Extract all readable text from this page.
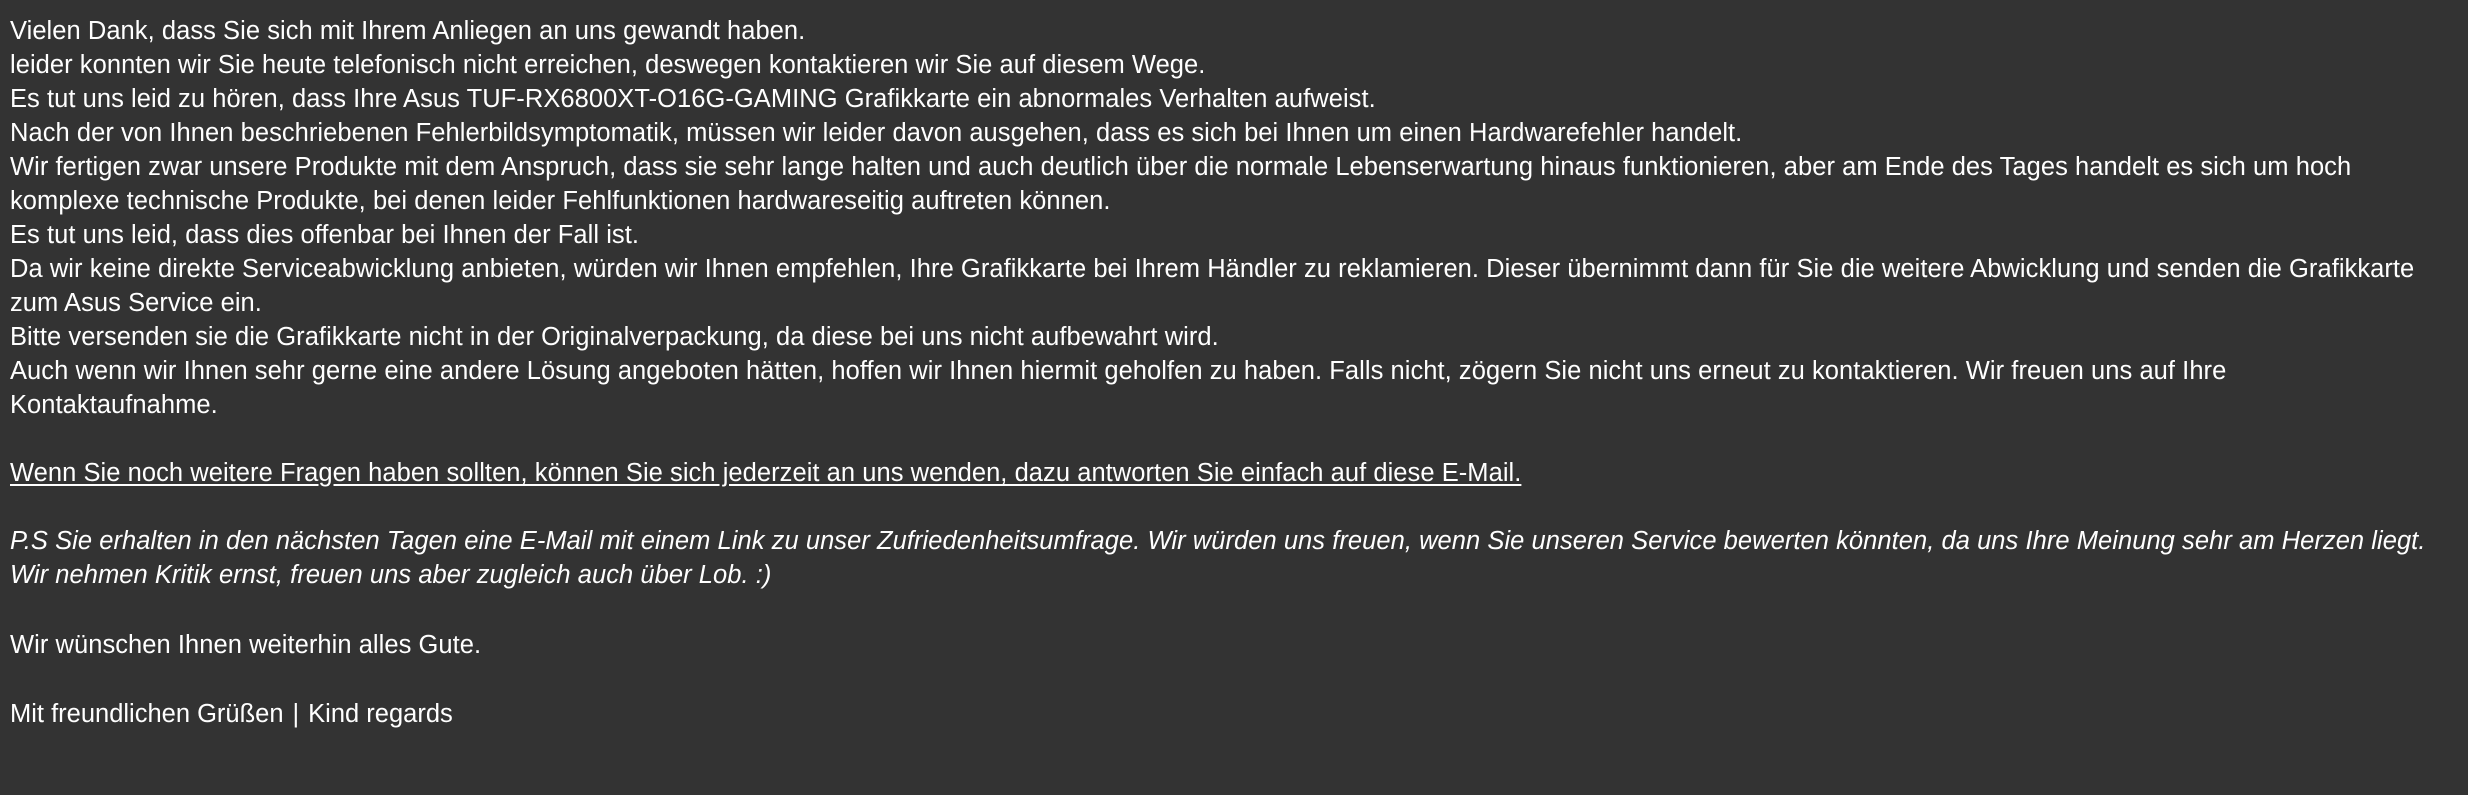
Vielen Dank, dass Sie sich mit Ihrem Anliegen an uns gewandt haben.

leider konnten wir Sie heute telefonisch nicht erreichen, deswegen kontaktieren wir Sie auf diesem Wege.

Es tut uns leid zu hören, dass Ihre Asus TUF-RX6800XT-O16G-GAMING Grafikkarte ein abnormales Verhalten aufweist.

Nach der von Ihnen beschriebenen Fehlerbildsymptomatik, müssen wir leider davon ausgehen, dass es sich bei Ihnen um einen Hardwarefehler handelt.

Wir fertigen zwar unsere Produkte mit dem Anspruch, dass sie sehr lange halten und auch deutlich über die normale Lebenserwartung hinaus funktionieren, aber am Ende des Tages handelt es sich um hoch komplexe technische Produkte, bei denen leider Fehlfunktionen hardwareseitig auftreten können.

Es tut uns leid, dass dies offenbar bei Ihnen der Fall ist.

Da wir keine direkte Serviceabwicklung anbieten, würden wir Ihnen empfehlen, Ihre Grafikkarte bei Ihrem Händler zu reklamieren. Dieser übernimmt dann für Sie die weitere Abwicklung und senden die Grafikkarte zum Asus Service ein.

Bitte versenden sie die Grafikkarte nicht in der Originalverpackung, da diese bei uns nicht aufbewahrt wird.

Auch wenn wir Ihnen sehr gerne eine andere Lösung angeboten hätten, hoffen wir Ihnen hiermit geholfen zu haben. Falls nicht, zögern Sie nicht uns erneut zu kontaktieren. Wir freuen uns auf Ihre Kontaktaufnahme.

Wenn Sie noch weitere Fragen haben sollten, können Sie sich jederzeit an uns wenden, dazu antworten Sie einfach auf diese E-Mail.

P.S Sie erhalten in den nächsten Tagen eine E-Mail mit einem Link zu unser Zufriedenheitsumfrage. Wir würden uns freuen, wenn Sie unseren Service bewerten könnten, da uns Ihre Meinung sehr am Herzen liegt. Wir nehmen Kritik ernst, freuen uns aber zugleich auch über Lob. :)

Wir wünschen Ihnen weiterhin alles Gute.

Mit freundlichen Grüßen | Kind regards
